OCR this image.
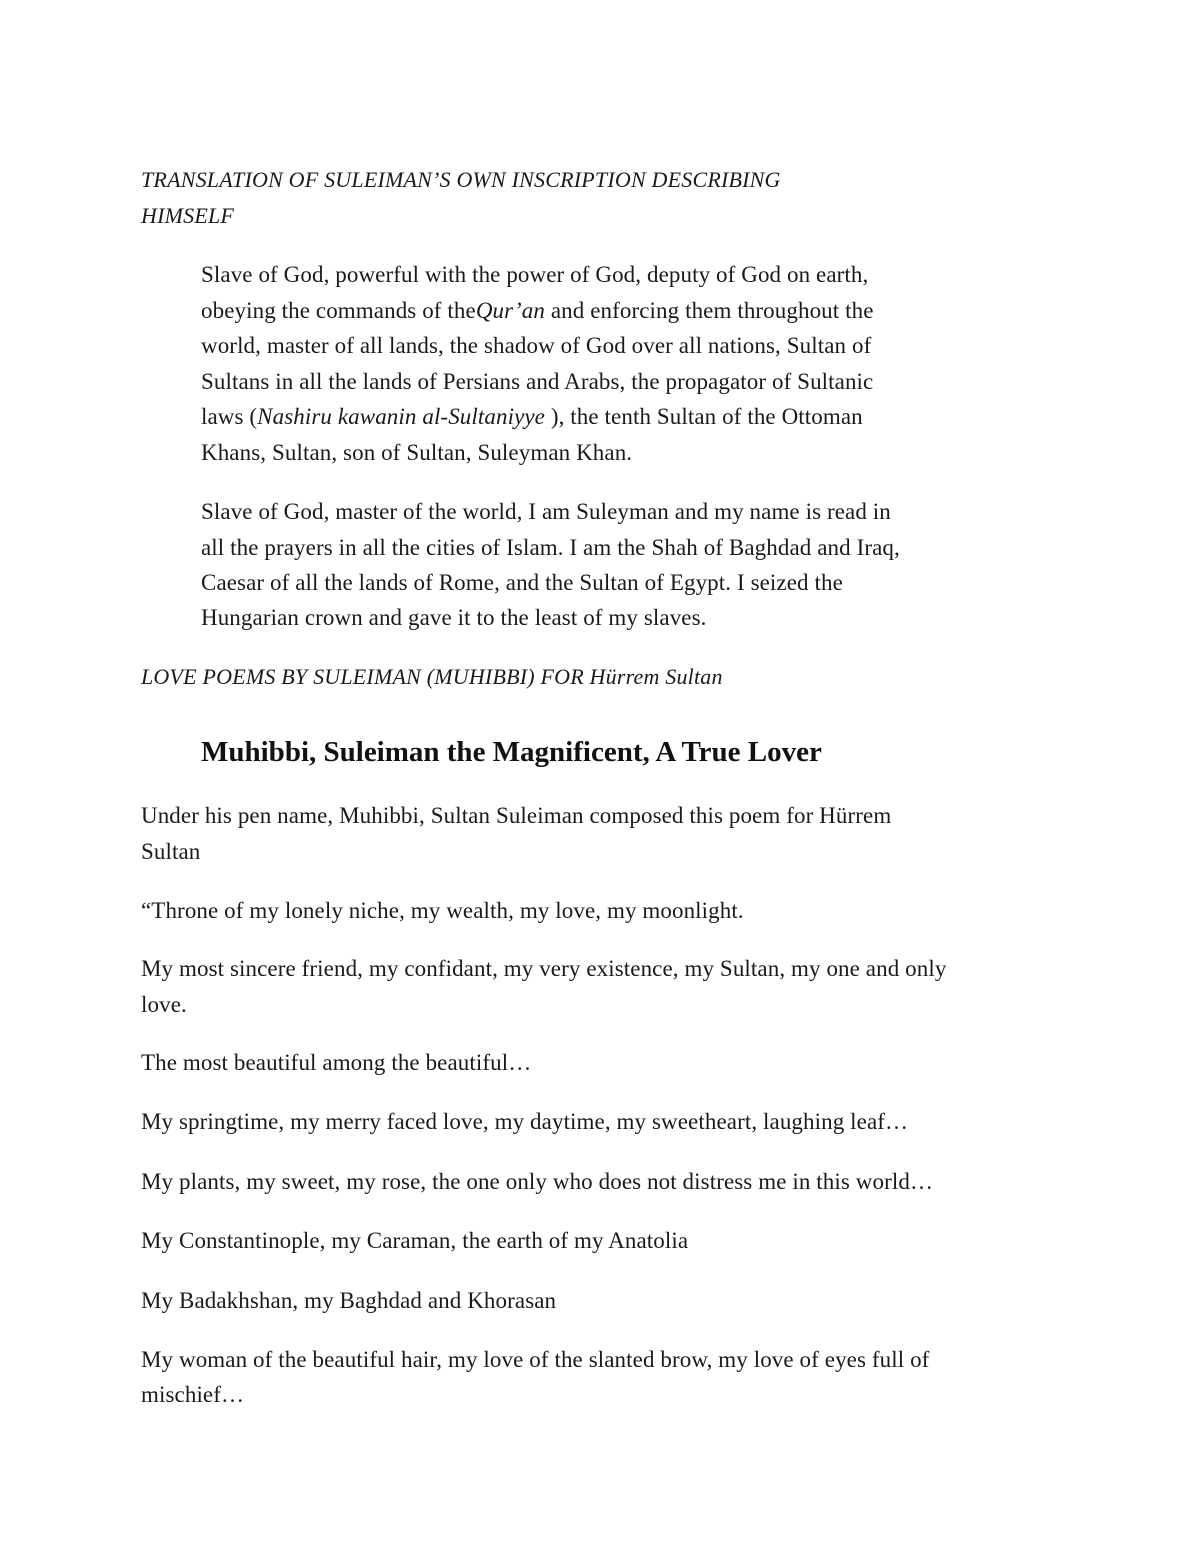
TRANSLATION OF SULEIMAN’S OWN INSCRIPTION DESCRIBING
HIMSELF
Slave of God, powerful with the power of God, deputy of God on earth,
obeying the commands of theQur’an and enforcing them throughout the
world, master of all lands, the shadow of God over all nations, Sultan of
Sultans in all the lands of Persians and Arabs, the propagator of Sultanic
laws (Nashiru kawanin al-Sultaniyye ), the tenth Sultan of the Ottoman
Khans, Sultan, son of Sultan, Suleyman Khan.
Slave of God, master of the world, I am Suleyman and my name is read in
all the prayers in all the cities of Islam. I am the Shah of Baghdad and Iraq,
Caesar of all the lands of Rome, and the Sultan of Egypt. I seized the
Hungarian crown and gave it to the least of my slaves.
LOVE POEMS BY SULEIMAN (MUHIBBI) FOR Hürrem Sultan
Muhibbi, Suleiman the Magnificent, A True Lover
Under his pen name, Muhibbi, Sultan Suleiman composed this poem for Hürrem
Sultan
“Throne of my lonely niche, my wealth, my love, my moonlight.
My most sincere friend, my confidant, my very existence, my Sultan, my one and only
love.
The most beautiful among the beautiful…
My springtime, my merry faced love, my daytime, my sweetheart, laughing leaf…
My plants, my sweet, my rose, the one only who does not distress me in this world…
My Constantinople, my Caraman, the earth of my Anatolia
My Badakhshan, my Baghdad and Khorasan
My woman of the beautiful hair, my love of the slanted brow, my love of eyes full of
mischief…
